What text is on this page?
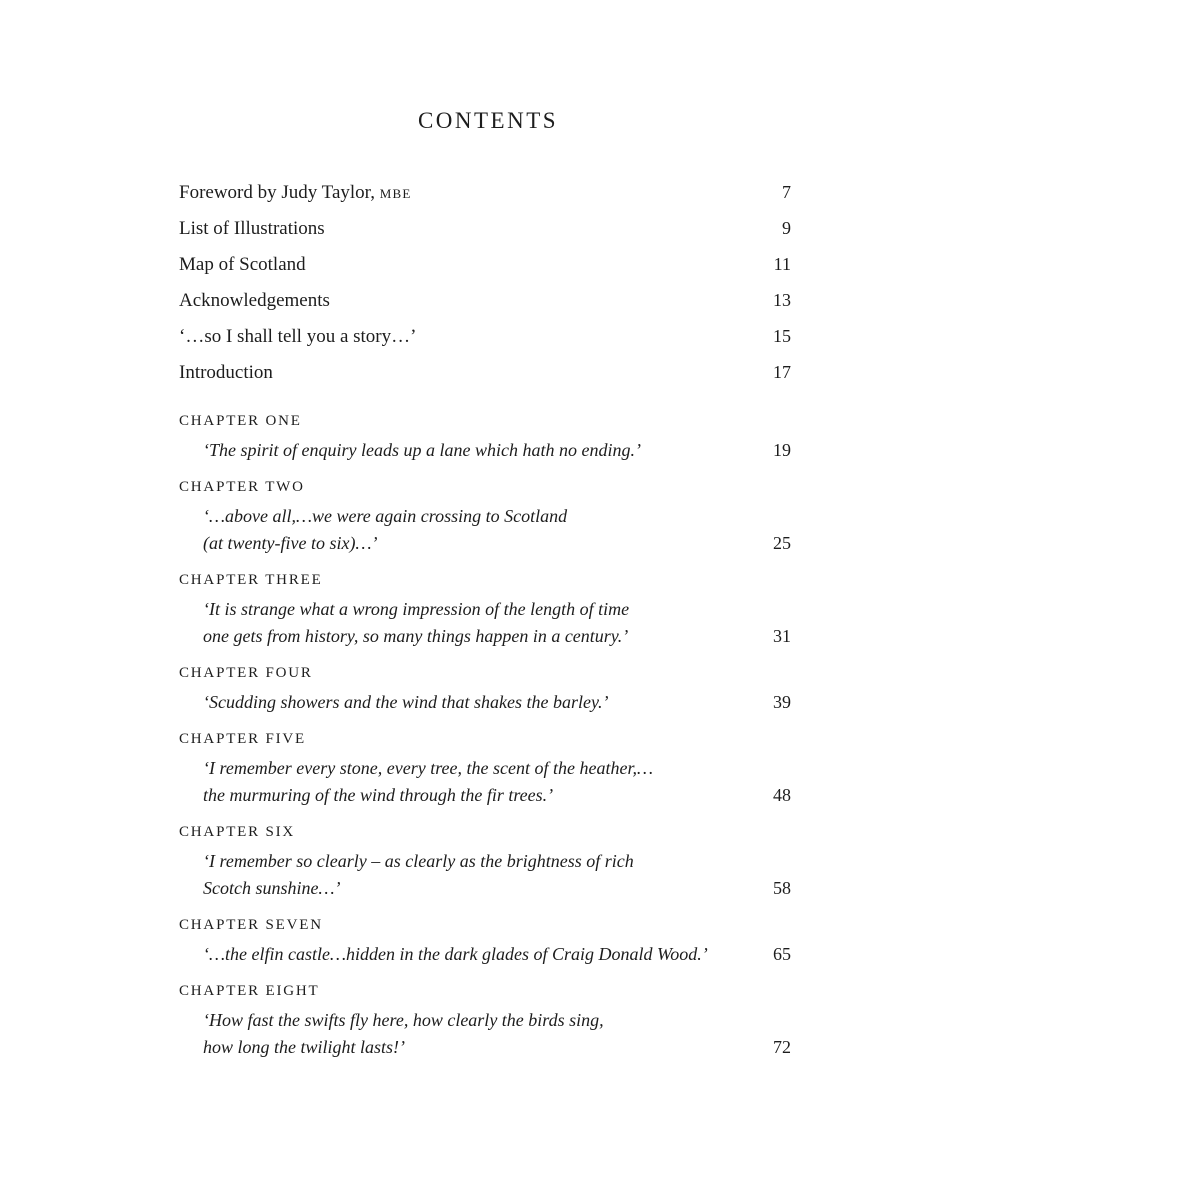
CONTENTS
Foreword by Judy Taylor, MBE	7
List of Illustrations	9
Map of Scotland	11
Acknowledgements	13
‘…so I shall tell you a story…’	15
Introduction	17
CHAPTER ONE
‘The spirit of enquiry leads up a lane which hath no ending.’	19
CHAPTER TWO
‘…above all,…we were again crossing to Scotland
(at twenty-five to six)…’	25
CHAPTER THREE
‘It is strange what a wrong impression of the length of time
one gets from history, so many things happen in a century.’	31
CHAPTER FOUR
‘Scudding showers and the wind that shakes the barley.’	39
CHAPTER FIVE
‘I remember every stone, every tree, the scent of the heather,…
the murmuring of the wind through the fir trees.’	48
CHAPTER SIX
‘I remember so clearly – as clearly as the brightness of rich
Scotch sunshine…’	58
CHAPTER SEVEN
‘…the elfin castle…hidden in the dark glades of Craig Donald Wood.’	65
CHAPTER EIGHT
‘How fast the swifts fly here, how clearly the birds sing,
how long the twilight lasts!’	72
